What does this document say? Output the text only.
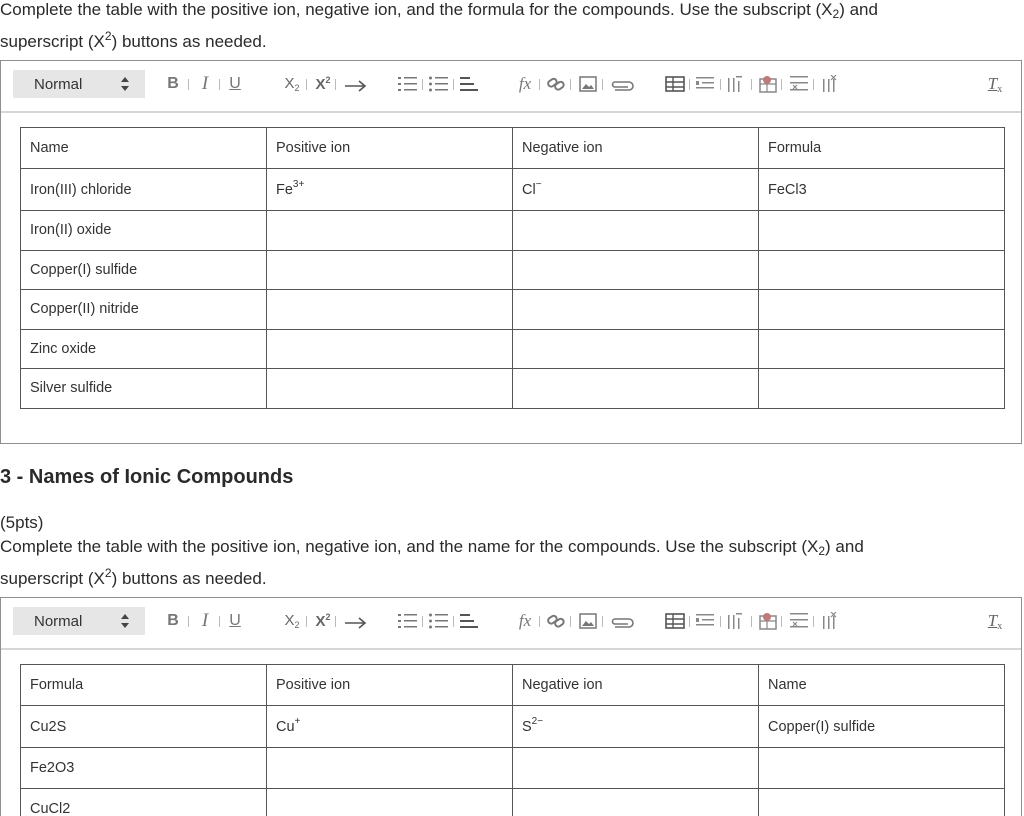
Complete the table with the positive ion, negative ion, and the formula for the compounds. Use the subscript $(X_2)$ and
superscript $(X^2)$ buttons as needed.
Normal	B I U	$X_2$ $X^2$	fx	Tx
Name	Positive ion	Negative ion	Formula
Iron(III) chloride	$Fe^{3+}$	Cl−	FeCl3
Iron(II) oxide			
Copper(I) sulfide			
Copper(II) nitride			
Zinc oxide			
Silver sulfide			
3 - Names of Ionic Compounds
(5pts)
Complete the table with the positive ion, negative ion, and the name for the compounds. Use the subscript $(X_2)$ and
superscript $(X^2)$ buttons as needed.
Normal	B I U	$X_2$ $X^2$	fx	Tx
Formula	Positive ion	Negative ion	Name
Cu2S	Cu+	$S^{2-}$	Copper(I) sulfide
Fe2O3			
CuCl2			
